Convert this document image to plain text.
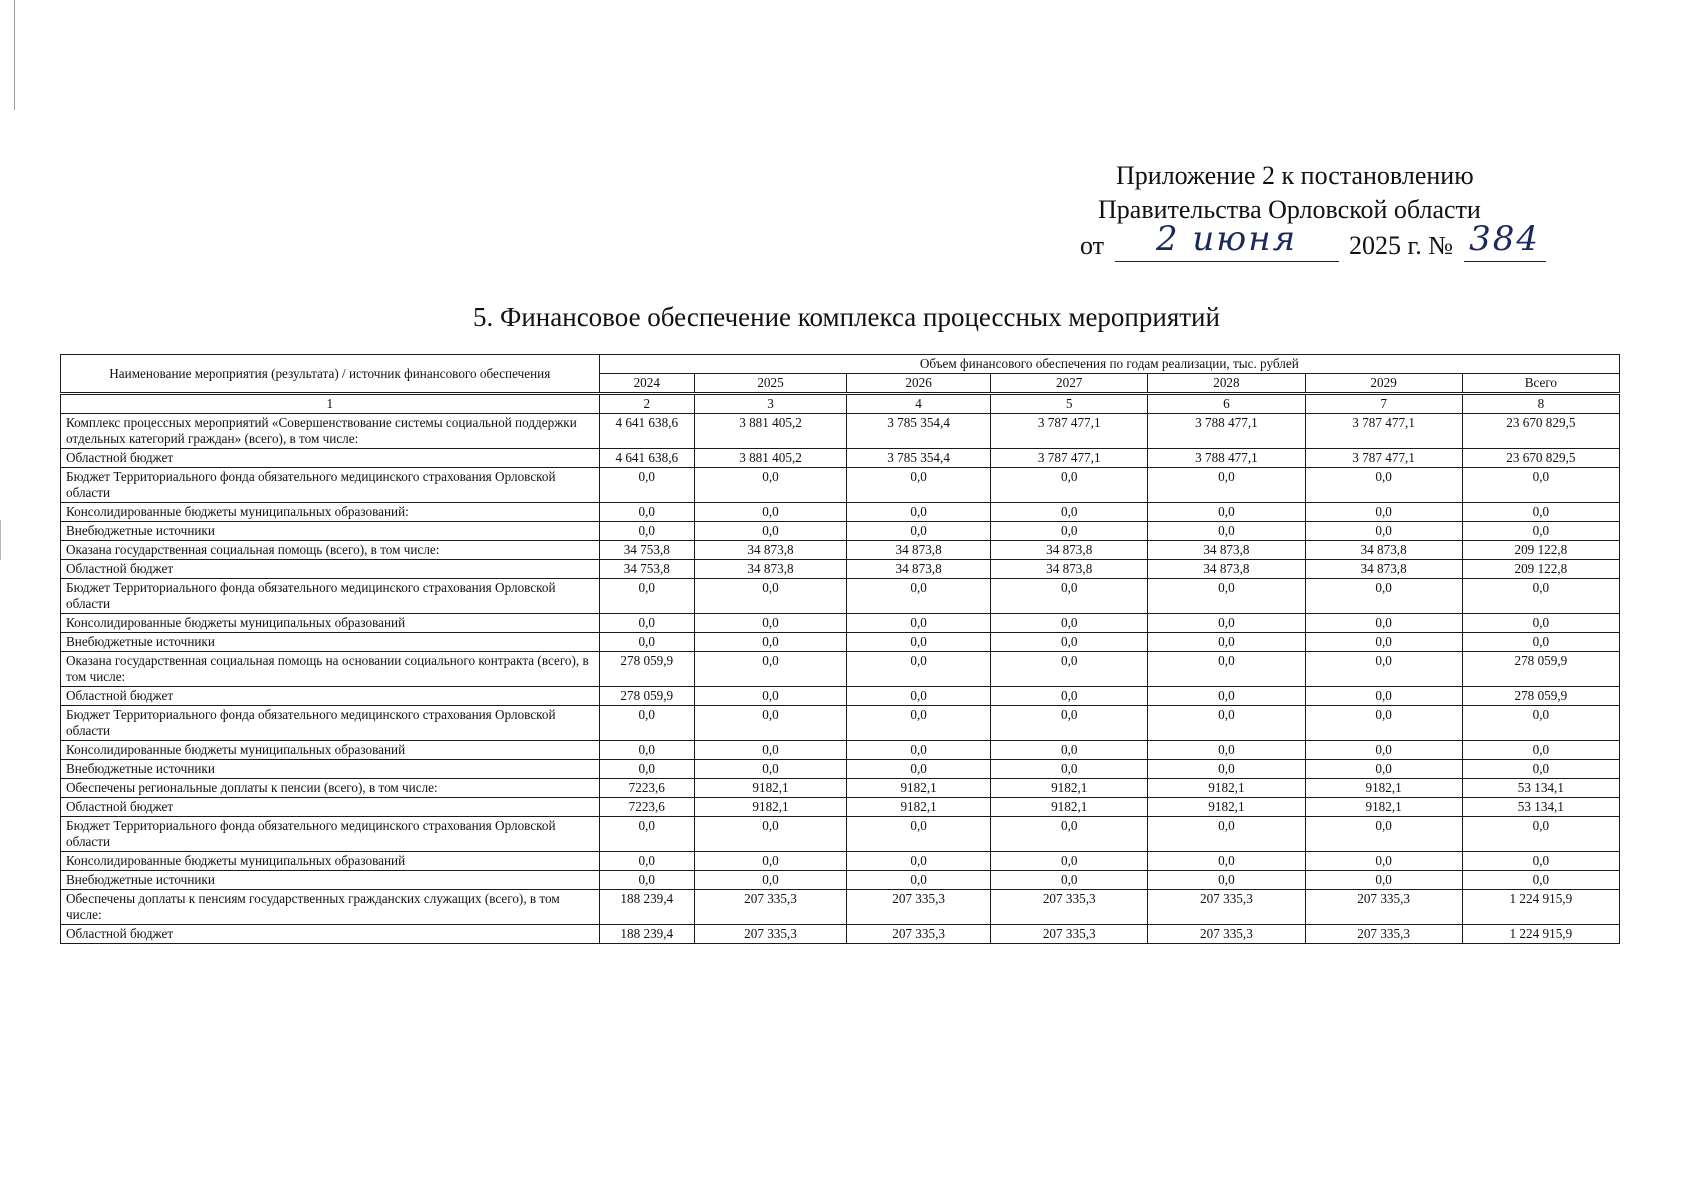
Приложение 2 к постановлению
Правительства Орловской области
от 2 июня 2025 г. № 384
5. Финансовое обеспечение комплекса процессных мероприятий
Наименование мероприятия (результата) / источник финансового обеспечения	Объем финансового обеспечения по годам реализации, тыс. рублей						
	2024	2025	2026	2027	2028	2029	Всего
1	2	3	4	5	6	7	8
Комплекс процессных мероприятий «Совершенствование системы социальной поддержки отдельных категорий граждан» (всего), в том числе:	4 641 638,6	3 881 405,2	3 785 354,4	3 787 477,1	3 788 477,1	3 787 477,1	23 670 829,5
Областной бюджет	4 641 638,6	3 881 405,2	3 785 354,4	3 787 477,1	3 788 477,1	3 787 477,1	23 670 829,5
Бюджет Территориального фонда обязательного медицинского страхования Орловской области	0,0	0,0	0,0	0,0	0,0	0,0	0,0
Консолидированные бюджеты муниципальных образований:	0,0	0,0	0,0	0,0	0,0	0,0	0,0
Внебюджетные источники	0,0	0,0	0,0	0,0	0,0	0,0	0,0
Оказана государственная социальная помощь (всего), в том числе:	34 753,8	34 873,8	34 873,8	34 873,8	34 873,8	34 873,8	209 122,8
Областной бюджет	34 753,8	34 873,8	34 873,8	34 873,8	34 873,8	34 873,8	209 122,8
Бюджет Территориального фонда обязательного медицинского страхования Орловской области	0,0	0,0	0,0	0,0	0,0	0,0	0,0
Консолидированные бюджеты муниципальных образований	0,0	0,0	0,0	0,0	0,0	0,0	0,0
Внебюджетные источники	0,0	0,0	0,0	0,0	0,0	0,0	0,0
Оказана государственная социальная помощь на основании социального контракта (всего), в том числе:	278 059,9	0,0	0,0	0,0	0,0	0,0	278 059,9
Областной бюджет	278 059,9	0,0	0,0	0,0	0,0	0,0	278 059,9
Бюджет Территориального фонда обязательного медицинского страхования Орловской области	0,0	0,0	0,0	0,0	0,0	0,0	0,0
Консолидированные бюджеты муниципальных образований	0,0	0,0	0,0	0,0	0,0	0,0	0,0
Внебюджетные источники	0,0	0,0	0,0	0,0	0,0	0,0	0,0
Обеспечены региональные доплаты к пенсии (всего), в том числе:	7223,6	9182,1	9182,1	9182,1	9182,1	9182,1	53 134,1
Областной бюджет	7223,6	9182,1	9182,1	9182,1	9182,1	9182,1	53 134,1
Бюджет Территориального фонда обязательного медицинского страхования Орловской области	0,0	0,0	0,0	0,0	0,0	0,0	0,0
Консолидированные бюджеты муниципальных образований	0,0	0,0	0,0	0,0	0,0	0,0	0,0
Внебюджетные источники	0,0	0,0	0,0	0,0	0,0	0,0	0,0
Обеспечены доплаты к пенсиям государственных гражданских служащих (всего), в том числе:	188 239,4	207 335,3	207 335,3	207 335,3	207 335,3	207 335,3	1 224 915,9
Областной бюджет	188 239,4	207 335,3	207 335,3	207 335,3	207 335,3	207 335,3	1 224 915,9
